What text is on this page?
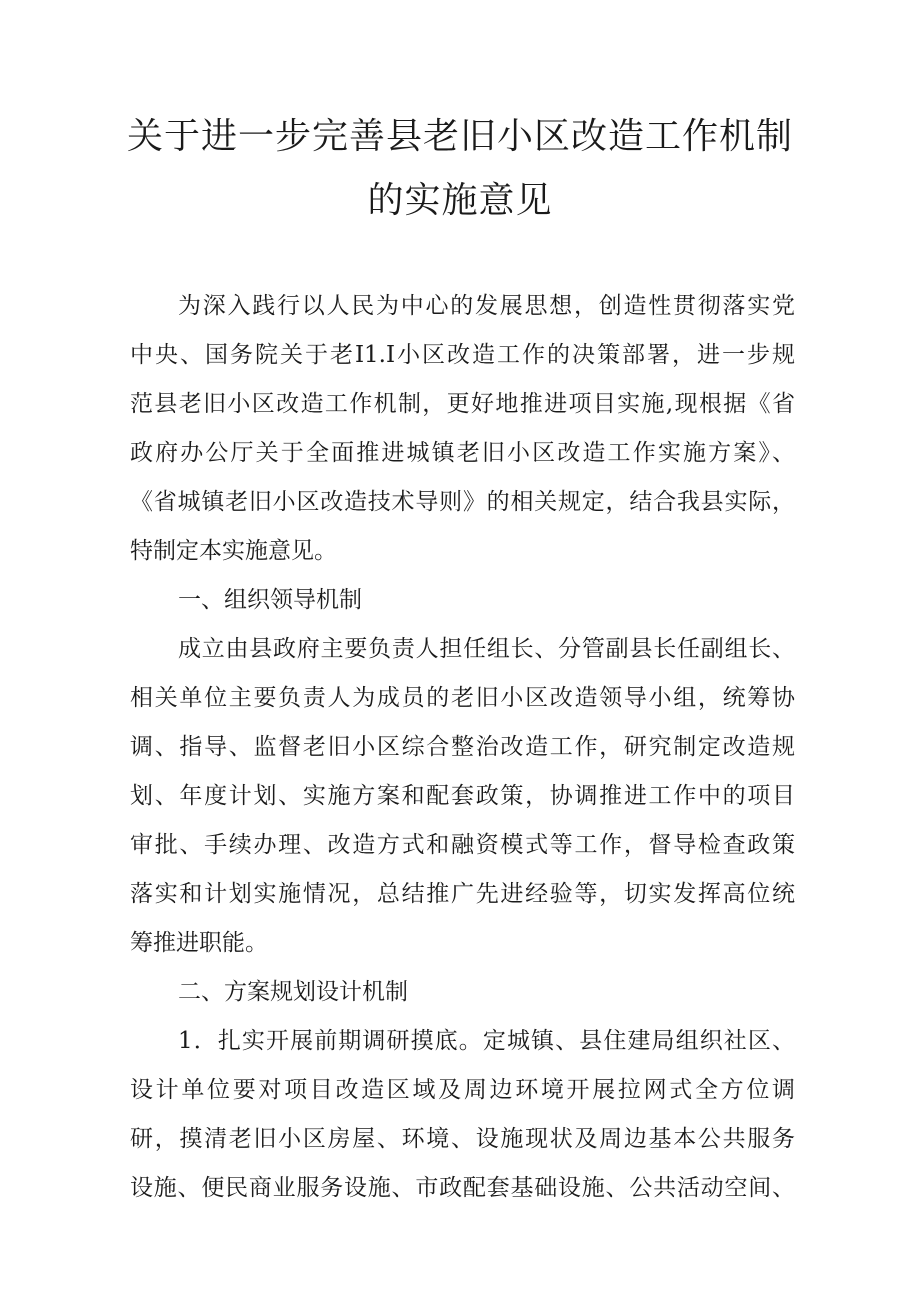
关于进一步完善县老旧小区改造工作机制
的实施意见
为深入践行以人民为中心的发展思想，创造性贯彻落实党
中央、国务院关于老I1.I小区改造工作的决策部署，进一步规
范县老旧小区改造工作机制，更好地推进项目实施,现根据《省
政府办公厅关于全面推进城镇老旧小区改造工作实施方案》、
《省城镇老旧小区改造技术导则》的相关规定，结合我县实际，
特制定本实施意见。
一、组织领导机制
成立由县政府主要负责人担任组长、分管副县长任副组长、
相关单位主要负责人为成员的老旧小区改造领导小组，统筹协
调、指导、监督老旧小区综合整治改造工作，研究制定改造规
划、年度计划、实施方案和配套政策，协调推进工作中的项目
审批、手续办理、改造方式和融资模式等工作，督导检查政策
落实和计划实施情况，总结推广先进经验等，切实发挥高位统
筹推进职能。
二、方案规划设计机制
1．扎实开展前期调研摸底。定城镇、县住建局组织社区、
设计单位要对项目改造区域及周边环境开展拉网式全方位调
研，摸清老旧小区房屋、环境、设施现状及周边基本公共服务
设施、便民商业服务设施、市政配套基础设施、公共活动空间、
